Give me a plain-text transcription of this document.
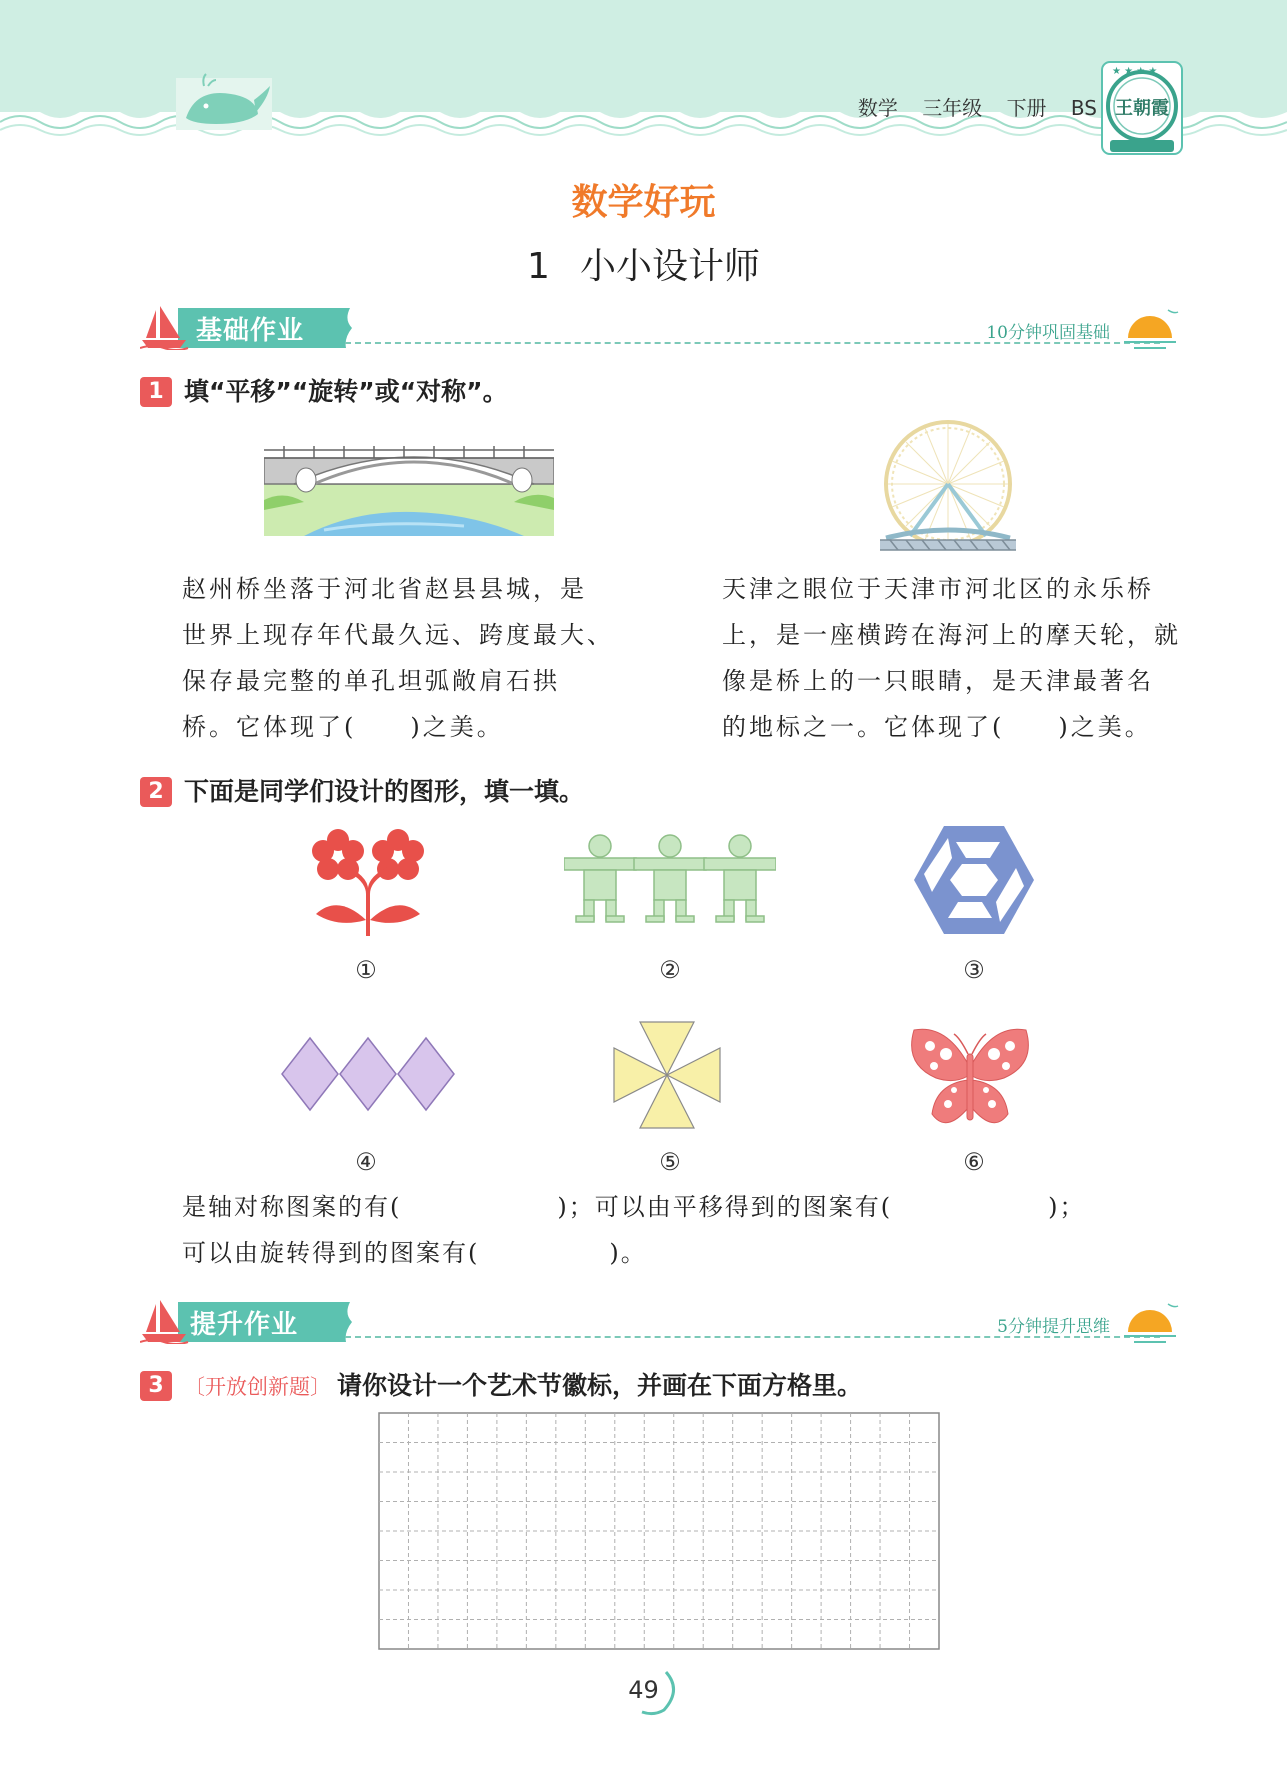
数学 三年级 下册 BS
★ ★ ★ ★
王朝霞
数学好玩
1 小小设计师
基础作业	10分钟巩固基础
1 填“平移”“旋转”或“对称”。
赵州桥坐落于河北省赵县县城，是
世界上现存年代最久远、跨度最大、
保存最完整的单孔坦弧敞肩石拱
桥。它体现了(　　)之美。
天津之眼位于天津市河北区的永乐桥
上，是一座横跨在海河上的摩天轮，就
像是桥上的一只眼睛，是天津最著名
的地标之一。它体现了(　　)之美。
2 下面是同学们设计的图形，填一填。
①	②	③
④	⑤	⑥
是轴对称图案的有(　　　　　　)；可以由平移得到的图案有(　　　　　　)；
可以由旋转得到的图案有(　　　　　)。
提升作业	5分钟提升思维
3 〔开放创新题〕 请你设计一个艺术节徽标，并画在下面方格里。
49
